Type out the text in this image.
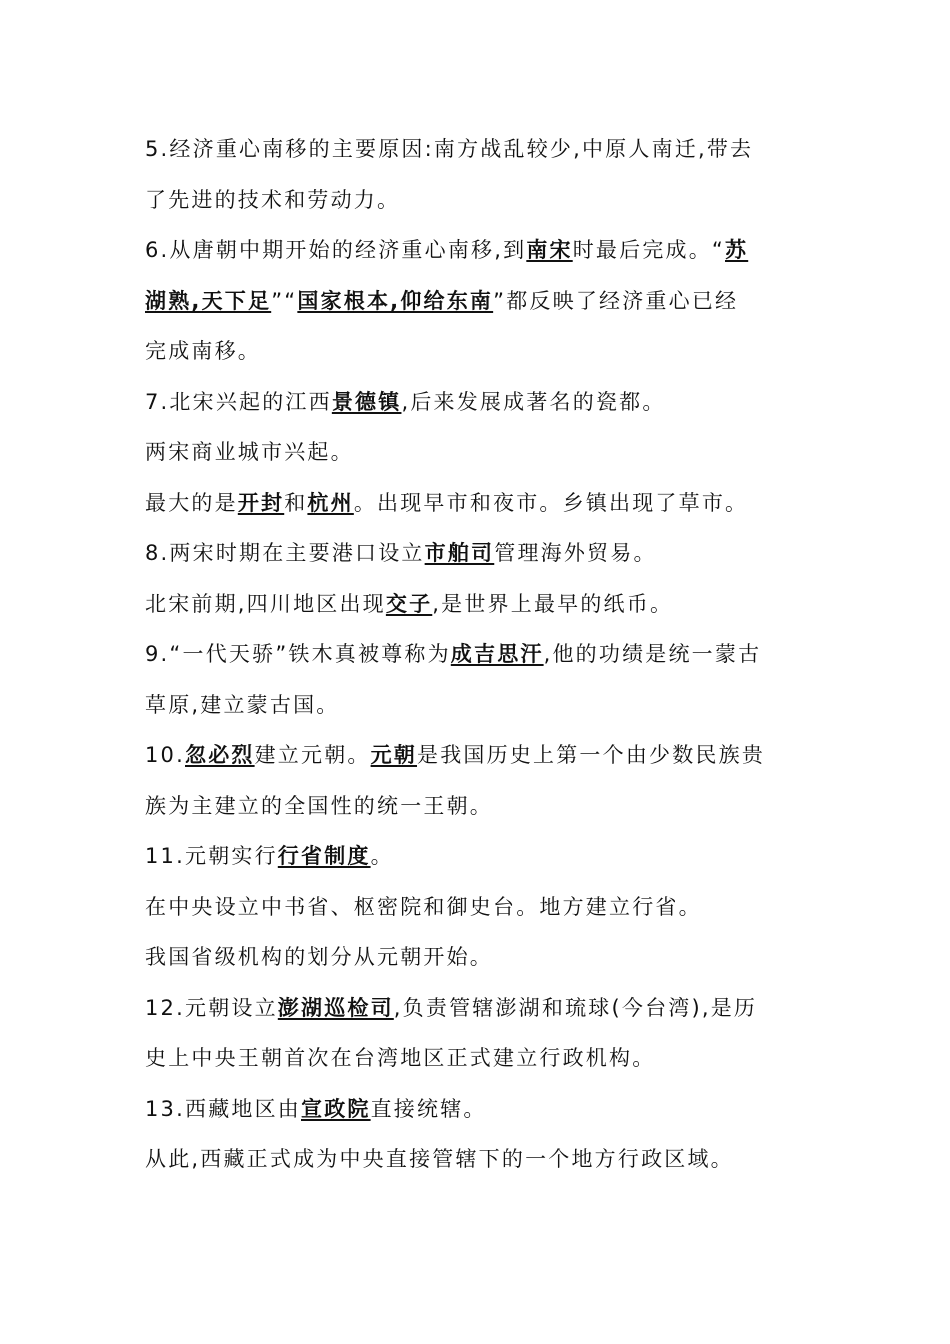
5.经济重心南移的主要原因:南方战乱较少,中原人南迁,带去
了先进的技术和劳动力。
6.从唐朝中期开始的经济重心南移,到南宋时最后完成。“苏
湖熟,天下足”“国家根本,仰给东南”都反映了经济重心已经
完成南移。
7.北宋兴起的江西景德镇,后来发展成著名的瓷都。
两宋商业城市兴起。
最大的是开封和杭州。出现早市和夜市。乡镇出现了草市。
8.两宋时期在主要港口设立市舶司管理海外贸易。
北宋前期,四川地区出现交子,是世界上最早的纸币。
9.“一代天骄”铁木真被尊称为成吉思汗,他的功绩是统一蒙古
草原,建立蒙古国。
10.忽必烈建立元朝。元朝是我国历史上第一个由少数民族贵
族为主建立的全国性的统一王朝。
11.元朝实行行省制度。
在中央设立中书省、枢密院和御史台。地方建立行省。
我国省级机构的划分从元朝开始。
12.元朝设立澎湖巡检司,负责管辖澎湖和琉球(今台湾),是历
史上中央王朝首次在台湾地区正式建立行政机构。
13.西藏地区由宣政院直接统辖。
从此,西藏正式成为中央直接管辖下的一个地方行政区域。
